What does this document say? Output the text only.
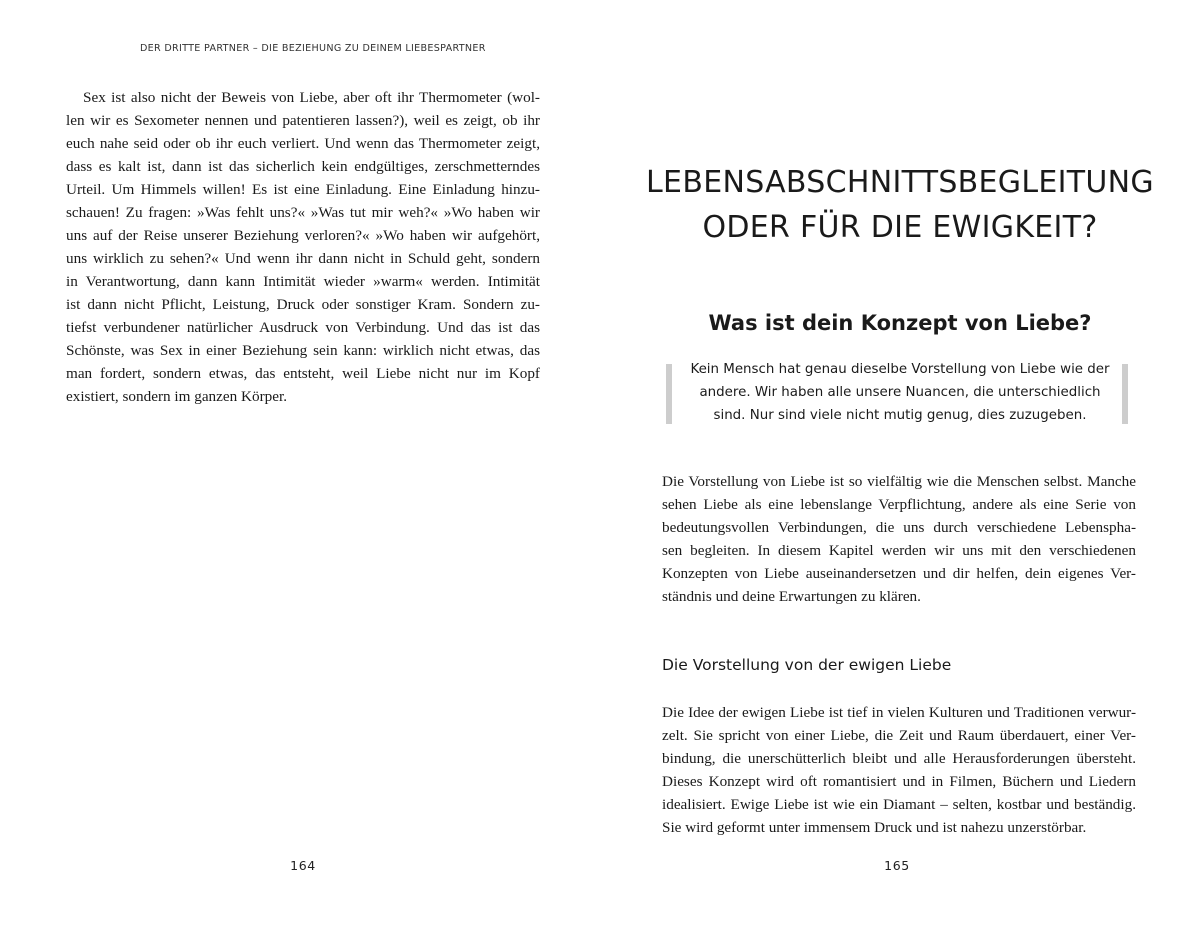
DER DRITTE PARTNER – DIE BEZIEHUNG ZU DEINEM LIEBESPARTNER
Sex ist also nicht der Beweis von Liebe, aber oft ihr Thermometer (wol-
len wir es Sexometer nennen und patentieren lassen?), weil es zeigt, ob ihr
euch nahe seid oder ob ihr euch verliert. Und wenn das Thermometer zeigt,
dass es kalt ist, dann ist das sicherlich kein endgültiges, zerschmetterndes
Urteil. Um Himmels willen! Es ist eine Einladung. Eine Einladung hinzu-
schauen! Zu fragen: »Was fehlt uns?« »Was tut mir weh?« »Wo haben wir
uns auf der Reise unserer Beziehung verloren?« »Wo haben wir aufgehört,
uns wirklich zu sehen?« Und wenn ihr dann nicht in Schuld geht, sondern
in Verantwortung, dann kann Intimität wieder »warm« werden. Intimität
ist dann nicht Pflicht, Leistung, Druck oder sonstiger Kram. Sondern zu-
tiefst verbundener natürlicher Ausdruck von Verbindung. Und das ist das
Schönste, was Sex in einer Beziehung sein kann: wirklich nicht etwas, das
man fordert, sondern etwas, das entsteht, weil Liebe nicht nur im Kopf
existiert, sondern im ganzen Körper.
164
LEBENSABSCHNITTSBEGLEITUNG
ODER FÜR DIE EWIGKEIT?
Was ist dein Konzept von Liebe?
Kein Mensch hat genau dieselbe Vorstellung von Liebe wie der
andere. Wir haben alle unsere Nuancen, die unterschiedlich
sind. Nur sind viele nicht mutig genug, dies zuzugeben.
Die Vorstellung von Liebe ist so vielfältig wie die Menschen selbst. Manche
sehen Liebe als eine lebenslange Verpflichtung, andere als eine Serie von
bedeutungsvollen Verbindungen, die uns durch verschiedene Lebenspha-
sen begleiten. In diesem Kapitel werden wir uns mit den verschiedenen
Konzepten von Liebe auseinandersetzen und dir helfen, dein eigenes Ver-
ständnis und deine Erwartungen zu klären.
Die Vorstellung von der ewigen Liebe
Die Idee der ewigen Liebe ist tief in vielen Kulturen und Traditionen verwur-
zelt. Sie spricht von einer Liebe, die Zeit und Raum überdauert, einer Ver-
bindung, die unerschütterlich bleibt und alle Herausforderungen übersteht.
Dieses Konzept wird oft romantisiert und in Filmen, Büchern und Liedern
idealisiert. Ewige Liebe ist wie ein Diamant – selten, kostbar und beständig.
Sie wird geformt unter immensem Druck und ist nahezu unzerstörbar.
165
